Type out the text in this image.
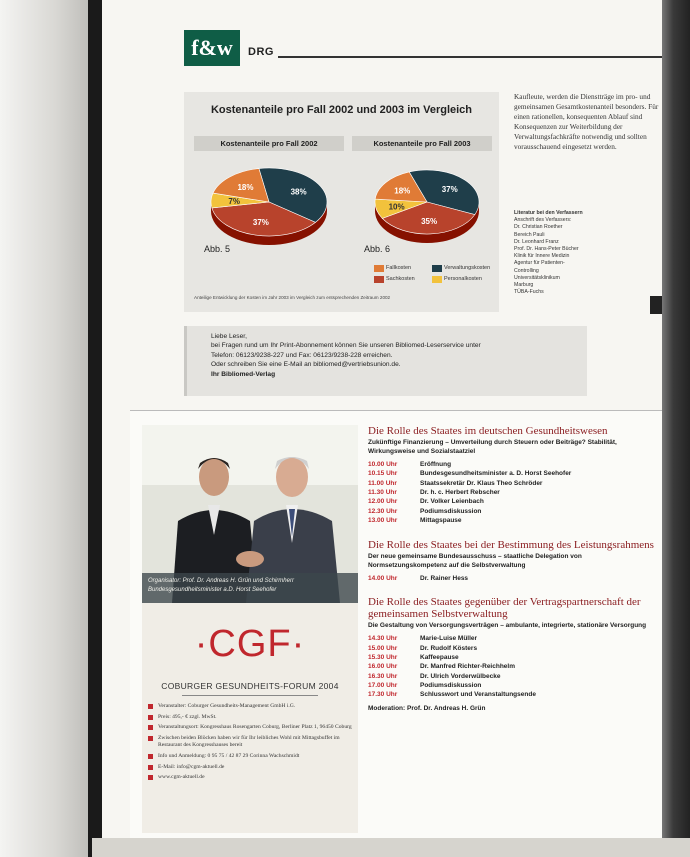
f&w	DRG
Kostenanteile pro Fall 2002 und 2003 im Vergleich
Kostenanteile pro Fall 2002	Kostenanteile pro Fall 2003
38%
37%
7%
18%	37%
35%
10%
18%
Abb. 5	Abb. 6
Fallkosten	Verwaltungskosten
Sachkosten	Personalkosten
Anteilige Entwicklung der Kosten im Jahr 2003 im Vergleich zum entsprechenden Zeitraum 2002
Kaufleute, werden die Dienstträge im pro- und gemeinsamen Gesamtkostenanteil besonders. Für einen rationellen, konsequenten Ablauf sind Konsequenzen zur Weiterbildung der Verwaltungsfachkräfte notwendig und sollten vorausschauend eingesetzt werden.
Literatur bei den Verfassern
Anschrift des Verfassers:
Dr. Christian Roether
Bereich Pauli
Dr. Leonhard Franz
Prof. Dr. Hans-Peter Bücher
Klinik für Innere Medizin
Agentur für Patienten-
Controlling
Universitätsklinikum
Marburg
TÜBA-Fuchs

Liebe Leser,

bei Fragen rund um Ihr Print-Abonnement können Sie unseren Bibliomed-Leserservice unter

Telefon: 06123/9238-227 und Fax: 06123/9238-228 erreichen.

Oder schreiben Sie eine E-Mail an bibliomed@vertriebsunion.de.

Ihr Bibliomed-Verlag

Organisator: Prof. Dr. Andreas H. Grün und Schirmherr Bundesgesundheitsminister a.D. Horst Seehofer
·CGF·
COBURGER GESUNDHEITS-FORUM 2004
Veranstalter: Coburger Gesundheits-Management GmbH i.G.
Preis: 495,- € zzgl. MwSt.
Veranstaltungsort: Kongresshaus Rosengarten Coburg, Berliner Platz 1, 96450 Coburg
Zwischen beiden Blöcken haben wir für Ihr leibliches Wohl mit Mittagsbuffet im Restaurant des Kongresshauses bereit
Info und Anmeldung: 0 95 75 / 42 87 29 Corinna Wachschmidt
E-Mail: info@cgm-aktuell.de
www.cgm-aktuell.de

Die Rolle des Staates im deutschen Gesundheitswesen

Zukünftige Finanzierung – Umverteilung durch Steuern oder Beiträge? Stabilität, Wirkungsweise und Sozialstaatziel

10.00 Uhr	Eröffnung
10.15 Uhr	Bundesgesundheitsminister a. D. Horst Seehofer
11.00 Uhr	Staatssekretär Dr. Klaus Theo Schröder
11.30 Uhr	Dr. h. c. Herbert Rebscher
12.00 Uhr	Dr. Volker Leienbach
12.30 Uhr	Podiumsdiskussion
13.00 Uhr	Mittagspause

Die Rolle des Staates bei der Bestimmung des Leistungsrahmens

Der neue gemeinsame Bundesausschuss – staatliche Delegation von Normsetzungskompetenz auf die Selbstverwaltung

14.00 Uhr	Dr. Rainer Hess

Die Rolle des Staates gegenüber der Vertragspartnerschaft der gemeinsamen Selbstverwaltung

Die Gestaltung von Versorgungsverträgen – ambulante, integrierte, stationäre Versorgung

14.30 Uhr	Marie-Luise Müller
15.00 Uhr	Dr. Rudolf Kösters
15.30 Uhr	Kaffeepause
16.00 Uhr	Dr. Manfred Richter-Reichhelm
16.30 Uhr	Dr. Ulrich Vorderwülbecke
17.00 Uhr	Podiumsdiskussion
17.30 Uhr	Schlusswort und Veranstaltungsende
Moderation: Prof. Dr. Andreas H. Grün
